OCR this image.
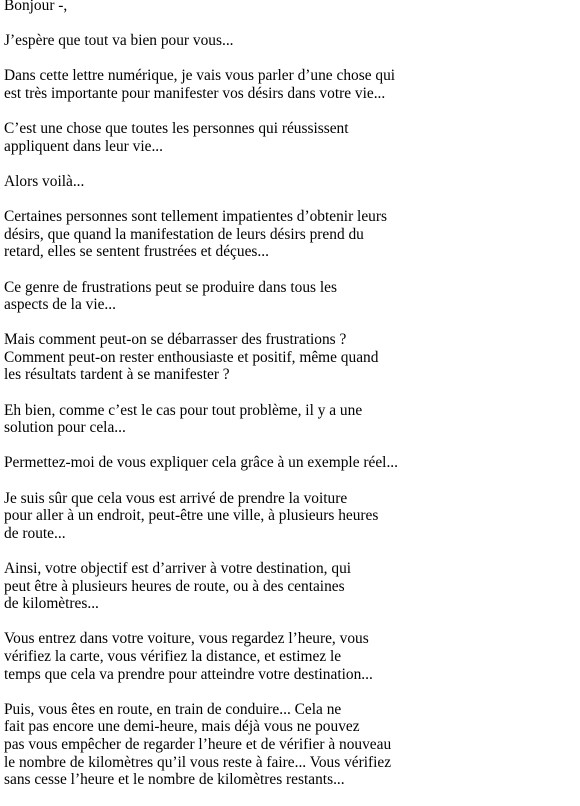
Bonjour -,

J’espère que tout va bien pour vous...

Dans cette lettre numérique, je vais vous parler d’une chose qui
est très importante pour manifester vos désirs dans votre vie...

C’est une chose que toutes les personnes qui réussissent
appliquent dans leur vie...

Alors voilà...

Certaines personnes sont tellement impatientes d’obtenir leurs
désirs, que quand la manifestation de leurs désirs prend du
retard, elles se sentent frustrées et déçues...

Ce genre de frustrations peut se produire dans tous les
aspects de la vie...

Mais comment peut-on se débarrasser des frustrations ?
Comment peut-on rester enthousiaste et positif, même quand
les résultats tardent à se manifester ?

Eh bien, comme c’est le cas pour tout problème, il y a une
solution pour cela...

Permettez-moi de vous expliquer cela grâce à un exemple réel...

Je suis sûr que cela vous est arrivé de prendre la voiture
pour aller à un endroit, peut-être une ville, à plusieurs heures
de route...

Ainsi, votre objectif est d’arriver à votre destination, qui
peut être à plusieurs heures de route, ou à des centaines
de kilomètres...

Vous entrez dans votre voiture, vous regardez l’heure, vous
vérifiez la carte, vous vérifiez la distance, et estimez le
temps que cela va prendre pour atteindre votre destination...

Puis, vous êtes en route, en train de conduire... Cela ne
fait pas encore une demi-heure, mais déjà vous ne pouvez
pas vous empêcher de regarder l’heure et de vérifier à nouveau
le nombre de kilomètres qu’il vous reste à faire... Vous vérifiez
sans cesse l’heure et le nombre de kilomètres restants...
